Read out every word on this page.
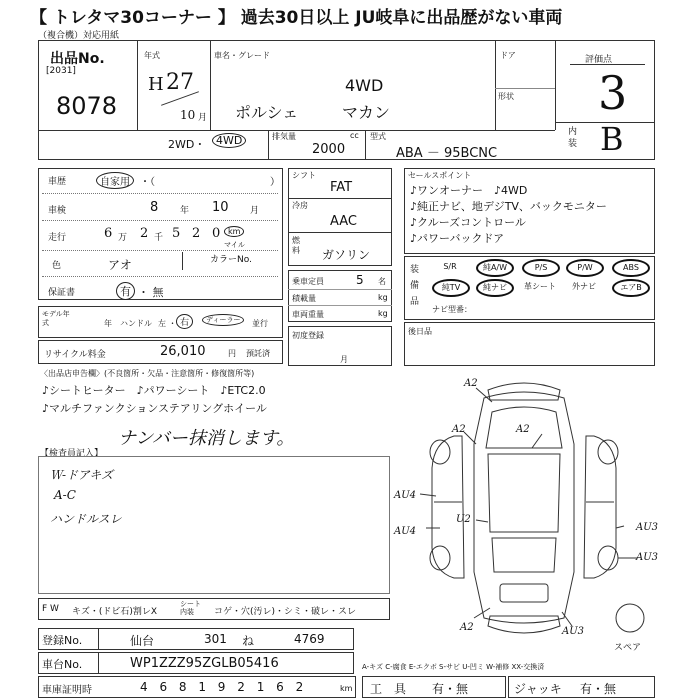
【 トレタマ30コーナー 】 過去30日以上 JU岐阜に出品歴がない車両
（複合機）対応用紙
出品No.
[2031]
8078
年式
H 27
10 月
車名・グレード
4WD
ポルシェ	マカン
ドア
形状
評価点
3
内装 B
2WD・ 4WD	排気量	cc
2000
型式
ABA － 95BCNC
車歴	自家用	・（	）
車検	8 年 10 月
走行	6 万 2 千 5 2 0 km
マイル
色	アオ	カラーNo.
保証書	有 ・ 無
モデル年式	年 ハンドル 左 ・ 右	ディーラー	並行
リサイクル料金	26,010	円 預託済
シフト
FAT
冷房
AAC
燃料 ガソリン
乗車定員	5 名
積載量	kg
車両重量	kg
初度登録
月
セールスポイント
♪ワンオーナー　♪4WD
♪純正ナビ、地デジTV、バックモニター
♪クルーズコントロール
♪パワーバックドア
装備品
S/R	純A/W	P/S	P/W	ABS
純TV	純ナビ	革シート	外ナビ	エアB
ナビ型番：
後日品
〈出品店申告欄〉(不良箇所・欠品・注意箇所・修復箇所等)
♪シートヒーター　♪パワーシート　♪ETC2.0
♪マルチファンクションステアリングホイール
ナンバー抹消します。
【検査員記入】
Ｗ-ドアキズ
A-C
ハンドルスレ
A2
A2	A2
AU4
AU4
U2
AU3
AU3
A2	AU3
スペア
F W キズ・(ドビ石)割レX
シート内装	コゲ・穴(汚レ)・シミ・破レ・スレ
登録No.	仙台	301 ね	4769
車台No.	WP1ZZZ95ZGLB05416	A-キズ C-腐食 E-エクボ S-サビ U-凹ミ W-補修 XX-交換済
車庫証明時	4 6 8 1 9 2 1 6 2	km 工　具 有・無	ジャッキ 有・無
